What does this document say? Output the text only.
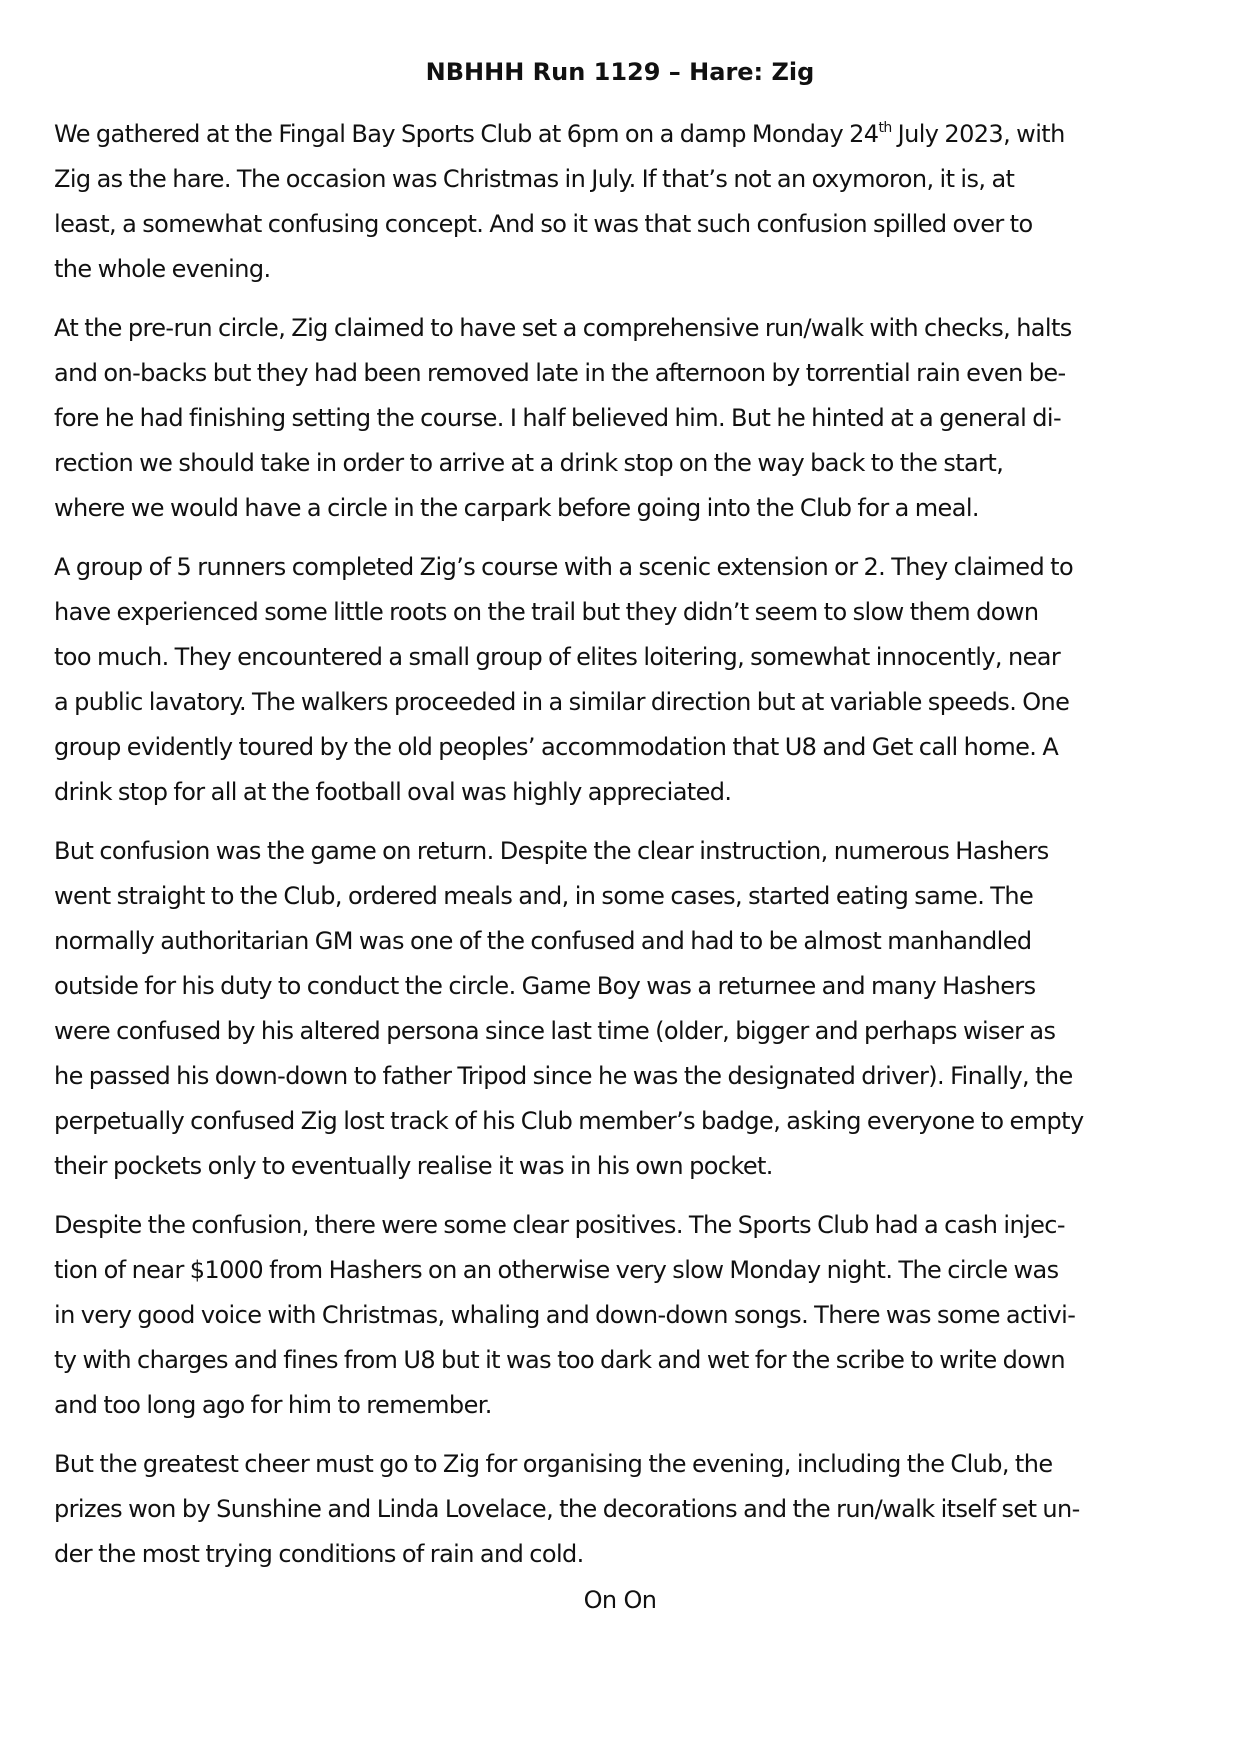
NBHHH Run 1129 – Hare: Zig
We gathered at the Fingal Bay Sports Club at 6pm on a damp Monday 24th July 2023, with
Zig as the hare. The occasion was Christmas in July. If that’s not an oxymoron, it is, at
least, a somewhat confusing concept. And so it was that such confusion spilled over to
the whole evening.
At the pre-run circle, Zig claimed to have set a comprehensive run/walk with checks, halts
and on-backs but they had been removed late in the afternoon by torrential rain even be-
fore he had finishing setting the course. I half believed him. But he hinted at a general di-
rection we should take in order to arrive at a drink stop on the way back to the start,
where we would have a circle in the carpark before going into the Club for a meal.
A group of 5 runners completed Zig’s course with a scenic extension or 2. They claimed to
have experienced some little roots on the trail but they didn’t seem to slow them down
too much. They encountered a small group of elites loitering, somewhat innocently, near
a public lavatory. The walkers proceeded in a similar direction but at variable speeds. One
group evidently toured by the old peoples’ accommodation that U8 and Get call home. A
drink stop for all at the football oval was highly appreciated.
But confusion was the game on return. Despite the clear instruction, numerous Hashers
went straight to the Club, ordered meals and, in some cases, started eating same. The
normally authoritarian GM was one of the confused and had to be almost manhandled
outside for his duty to conduct the circle. Game Boy was a returnee and many Hashers
were confused by his altered persona since last time (older, bigger and perhaps wiser as
he passed his down-down to father Tripod since he was the designated driver). Finally, the
perpetually confused Zig lost track of his Club member’s badge, asking everyone to empty
their pockets only to eventually realise it was in his own pocket.
Despite the confusion, there were some clear positives. The Sports Club had a cash injec-
tion of near $1000 from Hashers on an otherwise very slow Monday night. The circle was
in very good voice with Christmas, whaling and down-down songs. There was some activi-
ty with charges and fines from U8 but it was too dark and wet for the scribe to write down
and too long ago for him to remember.
But the greatest cheer must go to Zig for organising the evening, including the Club, the
prizes won by Sunshine and Linda Lovelace, the decorations and the run/walk itself set un-
der the most trying conditions of rain and cold.
On On
